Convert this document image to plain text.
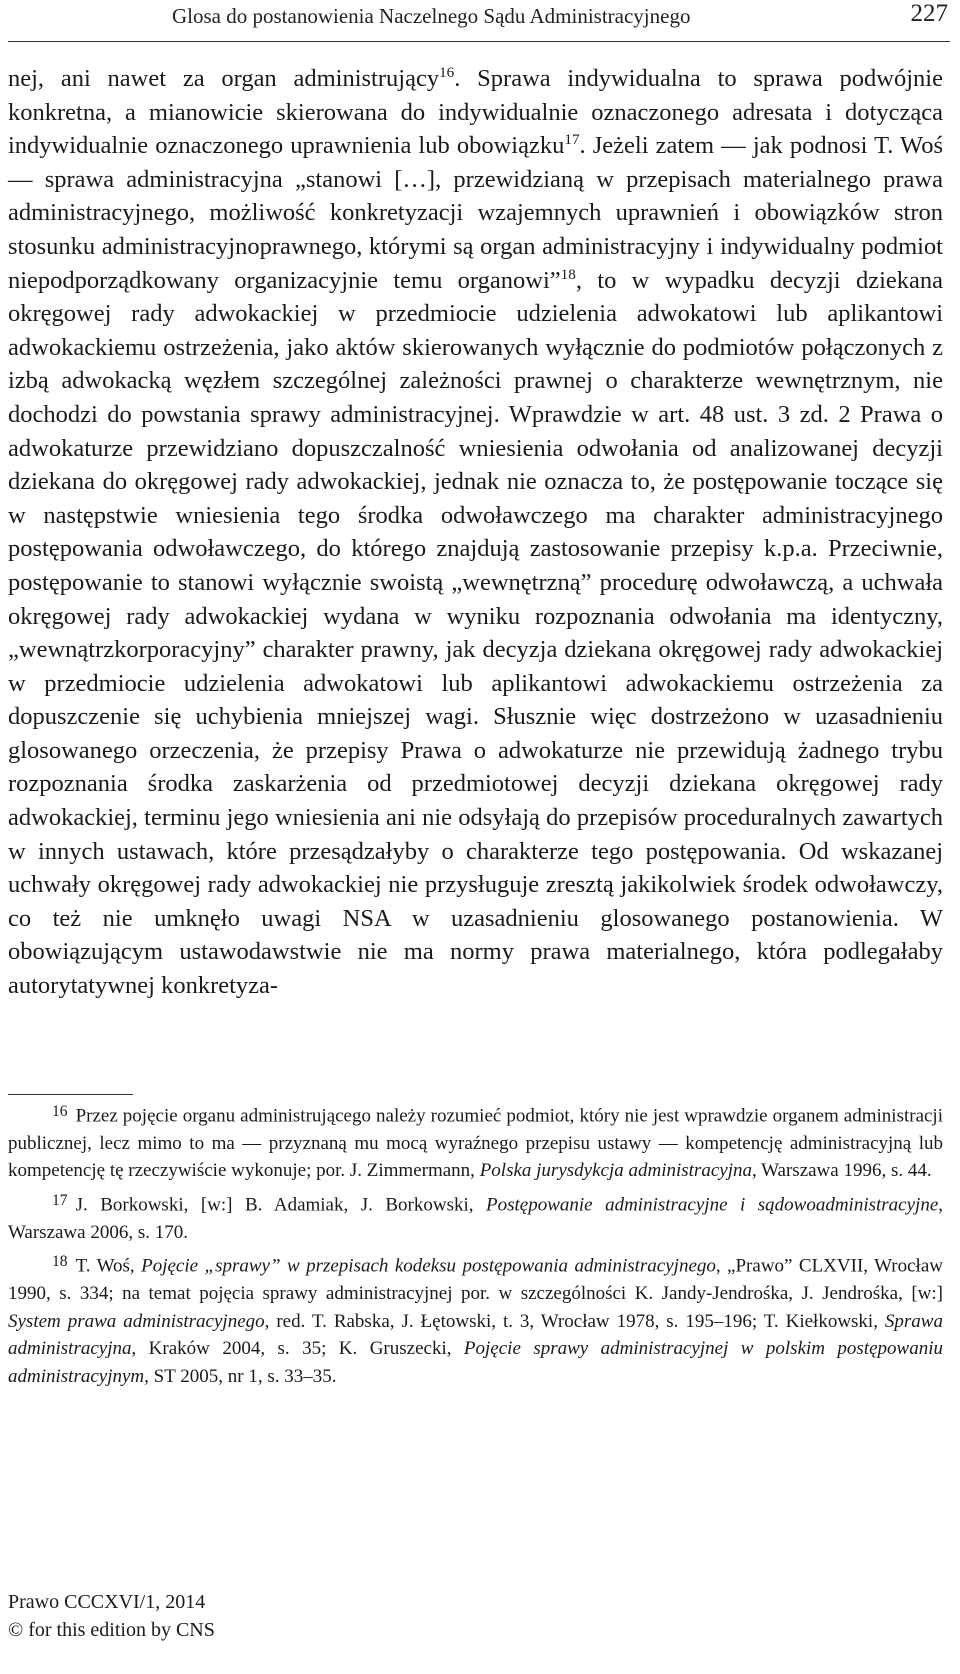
Glosa do postanowienia Naczelnego Sądu Administracyjnego	227

nej, ani nawet za organ administrujący$^{16}$. Sprawa indywidualna to sprawa podwójnie konkretna, a mianowicie skierowana do indywidualnie oznaczonego adresata i dotycząca indywidualnie oznaczonego uprawnienia lub obowiązku$^{17}$. Jeżeli zatem — jak podnosi T. Woś — sprawa administracyjna „stanowi […], przewidzianą w przepisach materialnego prawa administracyjnego, możliwość konkretyzacji wzajemnych uprawnień i obowiązków stron stosunku administracyjnoprawnego, którymi są organ administracyjny i indywidualny podmiot niepodporządkowany organizacyjnie temu organowi”$^{18}$, to w wypadku decyzji dziekana okręgowej rady adwokackiej w przedmiocie udzielenia adwokatowi lub aplikantowi adwokackiemu ostrzeżenia, jako aktów skierowanych wyłącznie do podmiotów połączonych z izbą adwokacką węzłem szczególnej zależności prawnej o charakterze wewnętrznym, nie dochodzi do powstania sprawy administracyjnej. Wprawdzie w art. 48 ust. 3 zd. 2 Prawa o adwokaturze przewidziano dopuszczalność wniesienia odwołania od analizowanej decyzji dziekana do okręgowej rady adwokackiej, jednak nie oznacza to, że postępowanie toczące się w następstwie wniesienia tego środka odwoławczego ma charakter administracyjnego postępowania odwoławczego, do którego znajdują zastosowanie przepisy k.p.a. Przeciwnie, postępowanie to stanowi wyłącznie swoistą „wewnętrzną” procedurę odwoławczą, a uchwała okręgowej rady adwokackiej wydana w wyniku rozpoznania odwołania ma identyczny, „wewnątrzkorporacyjny” charakter prawny, jak decyzja dziekana okręgowej rady adwokackiej w przedmiocie udzielenia adwokatowi lub aplikantowi adwokackiemu ostrzeżenia za dopuszczenie się uchybienia mniejszej wagi. Słusznie więc dostrzeżono w uzasadnieniu glosowanego orzeczenia, że przepisy Prawa o adwokaturze nie przewidują żadnego trybu rozpoznania środka zaskarżenia od przedmiotowej decyzji dziekana okręgowej rady adwokackiej, terminu jego wniesienia ani nie odsyłają do przepisów proceduralnych zawartych w innych ustawach, które przesądzałyby o charakterze tego postępowania. Od wskazanej uchwały okręgowej rady adwokackiej nie przysługuje zresztą jakikolwiek środek odwoławczy, co też nie umknęło uwagi NSA w uzasadnieniu glosowanego postanowienia. W obowiązującym ustawodawstwie nie ma normy prawa materialnego, która podlegałaby autorytatywnej konkretyza-

$^{16}$ Przez pojęcie organu administrującego należy rozumieć podmiot, który nie jest wprawdzie organem administracji publicznej, lecz mimo to ma — przyznaną mu mocą wyraźnego przepisu ustawy — kompetencję administracyjną lub kompetencję tę rzeczywiście wykonuje; por. J. Zimmermann, Polska jurysdykcja administracyjna, Warszawa 1996, s. 44.

$^{17}$ J. Borkowski, [w:] B. Adamiak, J. Borkowski, Postępowanie administracyjne i sądowoadministracyjne, Warszawa 2006, s. 170.

$^{18}$ T. Woś, Pojęcie „sprawy” w przepisach kodeksu postępowania administracyjnego, „Prawo” CLXVII, Wrocław 1990, s. 334; na temat pojęcia sprawy administracyjnej por. w szczególności K. Jandy-Jendrośka, J. Jendrośka, [w:] System prawa administracyjnego, red. T. Rabska, J. Łętowski, t. 3, Wrocław 1978, s. 195–196; T. Kiełkowski, Sprawa administracyjna, Kraków 2004, s. 35; K. Gruszecki, Pojęcie sprawy administracyjnej w polskim postępowaniu administracyjnym, ST 2005, nr 1, s. 33–35.

Prawo CCCXVI/1, 2014
© for this edition by CNS
